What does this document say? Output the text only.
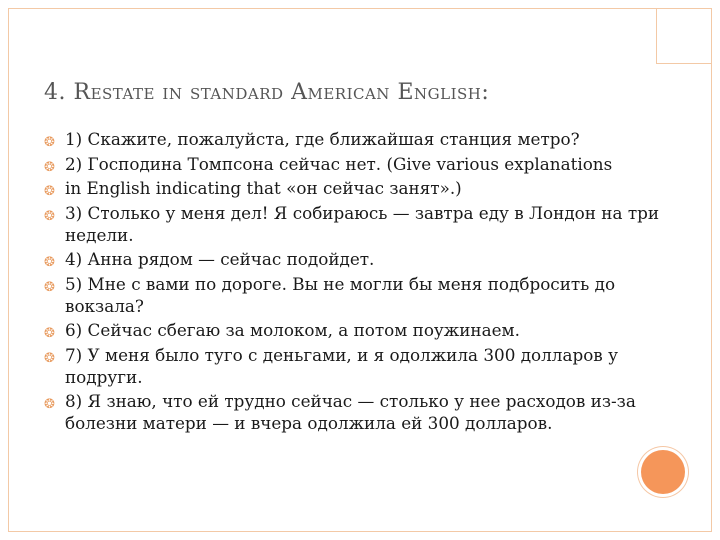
4. Restate in standard American English:
❂ 1) Скажите, пожалуйста, где ближайшая станция метро?
❂ 2) Господина Томпсона сейчас нет. (Give various explanations
❂ in English indicating that «он сейчас занят».)
❂ 3) Столько у меня дел! Я собираюсь — завтра еду в Лондон на три недели.
❂ 4) Анна рядом — сейчас подойдет.
❂ 5) Мне с вами по дороге. Вы не могли бы меня подбросить до вокзала?
❂ 6) Сейчас сбегаю за молоком, а потом поужинаем.
❂ 7) У меня было туго с деньгами, и я одолжила 300 долларов у подруги.
❂ 8) Я знаю, что ей трудно сейчас — столько у нее расходов из-за болезни матери — и вчера одолжила ей 300 долларов.
